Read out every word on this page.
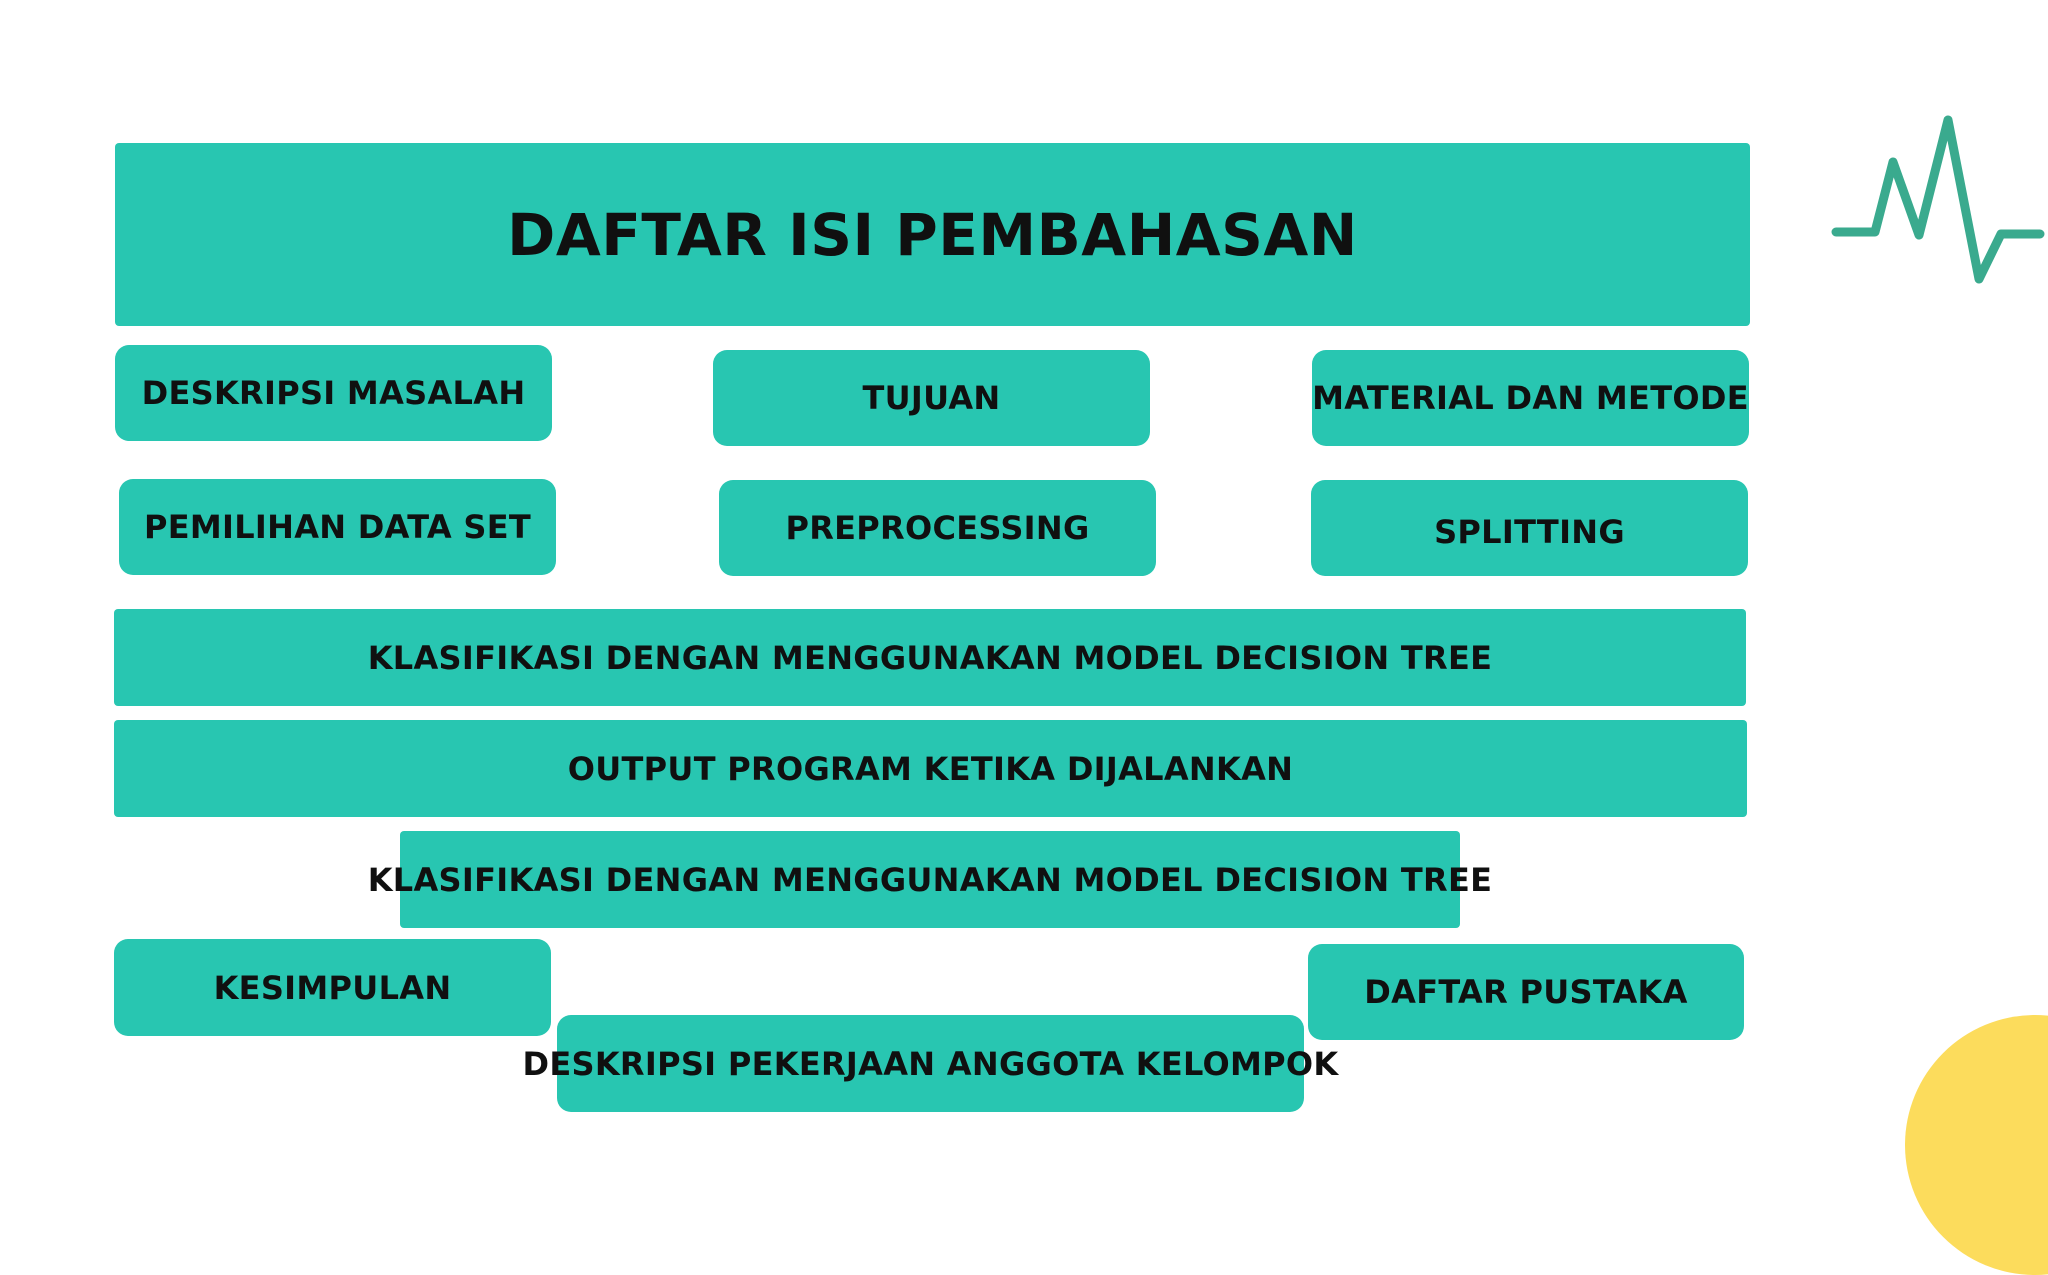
DAFTAR ISI PEMBAHASAN
DESKRIPSI MASALAH	TUJUAN	MATERIAL DAN METODE
PEMILIHAN DATA SET	PREPROCESSING	SPLITTING
KLASIFIKASI DENGAN MENGGUNAKAN MODEL DECISION TREE
OUTPUT PROGRAM KETIKA DIJALANKAN
KLASIFIKASI DENGAN MENGGUNAKAN MODEL DECISION TREE
KESIMPULAN	DAFTAR PUSTAKA
DESKRIPSI PEKERJAAN ANGGOTA KELOMPOK
